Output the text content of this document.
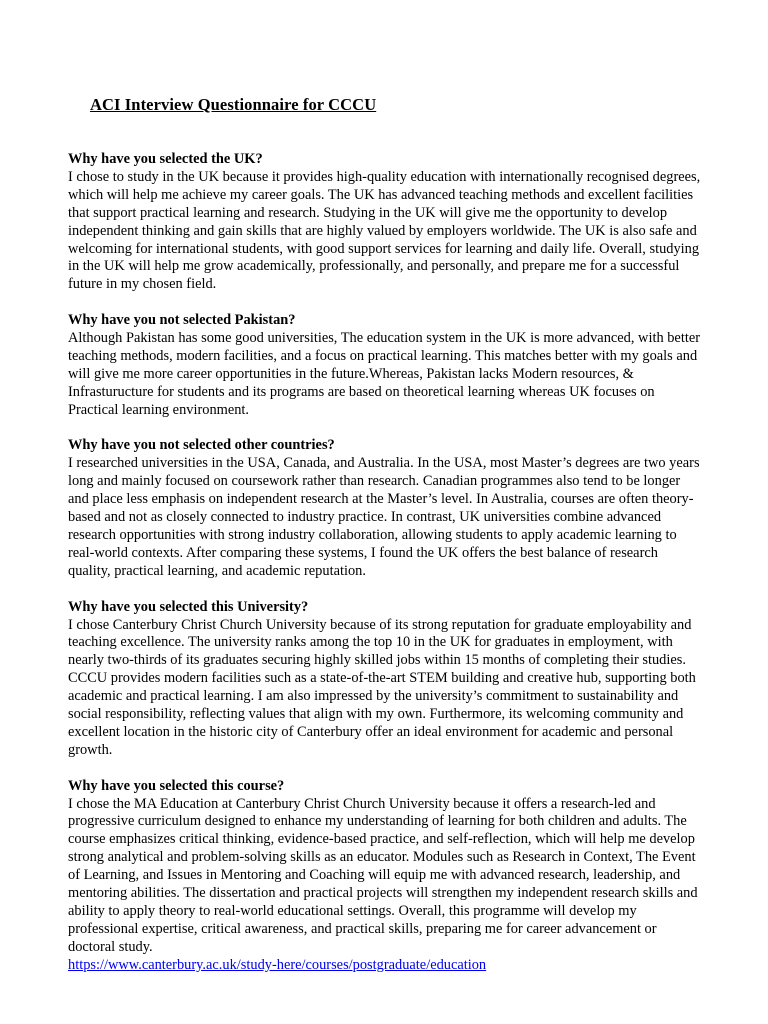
ACI Interview Questionnaire for CCCU
Why have you selected the UK?
I chose to study in the UK because it provides high-quality education with internationally recognised degrees, which will help me achieve my career goals. The UK has advanced teaching methods and excellent facilities that support practical learning and research. Studying in the UK will give me the opportunity to develop independent thinking and gain skills that are highly valued by employers worldwide. The UK is also safe and welcoming for international students, with good support services for learning and daily life. Overall, studying in the UK will help me grow academically, professionally, and personally, and prepare me for a successful future in my chosen field.
Why have you not selected Pakistan?
Although Pakistan has some good universities, The education system in the UK is more advanced, with better teaching methods, modern facilities, and a focus on practical learning. This matches better with my goals and will give me more career opportunities in the future.Whereas, Pakistan lacks Modern resources, & Infrasturucture for students and its programs are based on theoretical learning whereas UK focuses on Practical learning environment.
Why have you not selected other countries?
I researched universities in the USA, Canada, and Australia. In the USA, most Master’s degrees are two years long and mainly focused on coursework rather than research. Canadian programmes also tend to be longer and place less emphasis on independent research at the Master’s level. In Australia, courses are often theory-based and not as closely connected to industry practice. In contrast, UK universities combine advanced research opportunities with strong industry collaboration, allowing students to apply academic learning to real-world contexts. After comparing these systems, I found the UK offers the best balance of research quality, practical learning, and academic reputation.
Why have you selected this University?
I chose Canterbury Christ Church University because of its strong reputation for graduate employability and teaching excellence. The university ranks among the top 10 in the UK for graduates in employment, with nearly two-thirds of its graduates securing highly skilled jobs within 15 months of completing their studies. CCCU provides modern facilities such as a state-of-the-art STEM building and creative hub, supporting both academic and practical learning. I am also impressed by the university’s commitment to sustainability and social responsibility, reflecting values that align with my own. Furthermore, its welcoming community and excellent location in the historic city of Canterbury offer an ideal environment for academic and personal growth.
Why have you selected this course?
I chose the MA Education at Canterbury Christ Church University because it offers a research-led and progressive curriculum designed to enhance my understanding of learning for both children and adults. The course emphasizes critical thinking, evidence-based practice, and self-reflection, which will help me develop strong analytical and problem-solving skills as an educator. Modules such as Research in Context, The Event of Learning, and Issues in Mentoring and Coaching will equip me with advanced research, leadership, and mentoring abilities. The dissertation and practical projects will strengthen my independent research skills and ability to apply theory to real-world educational settings. Overall, this programme will develop my professional expertise, critical awareness, and practical skills, preparing me for career advancement or doctoral study.
https://www.canterbury.ac.uk/study-here/courses/postgraduate/education
